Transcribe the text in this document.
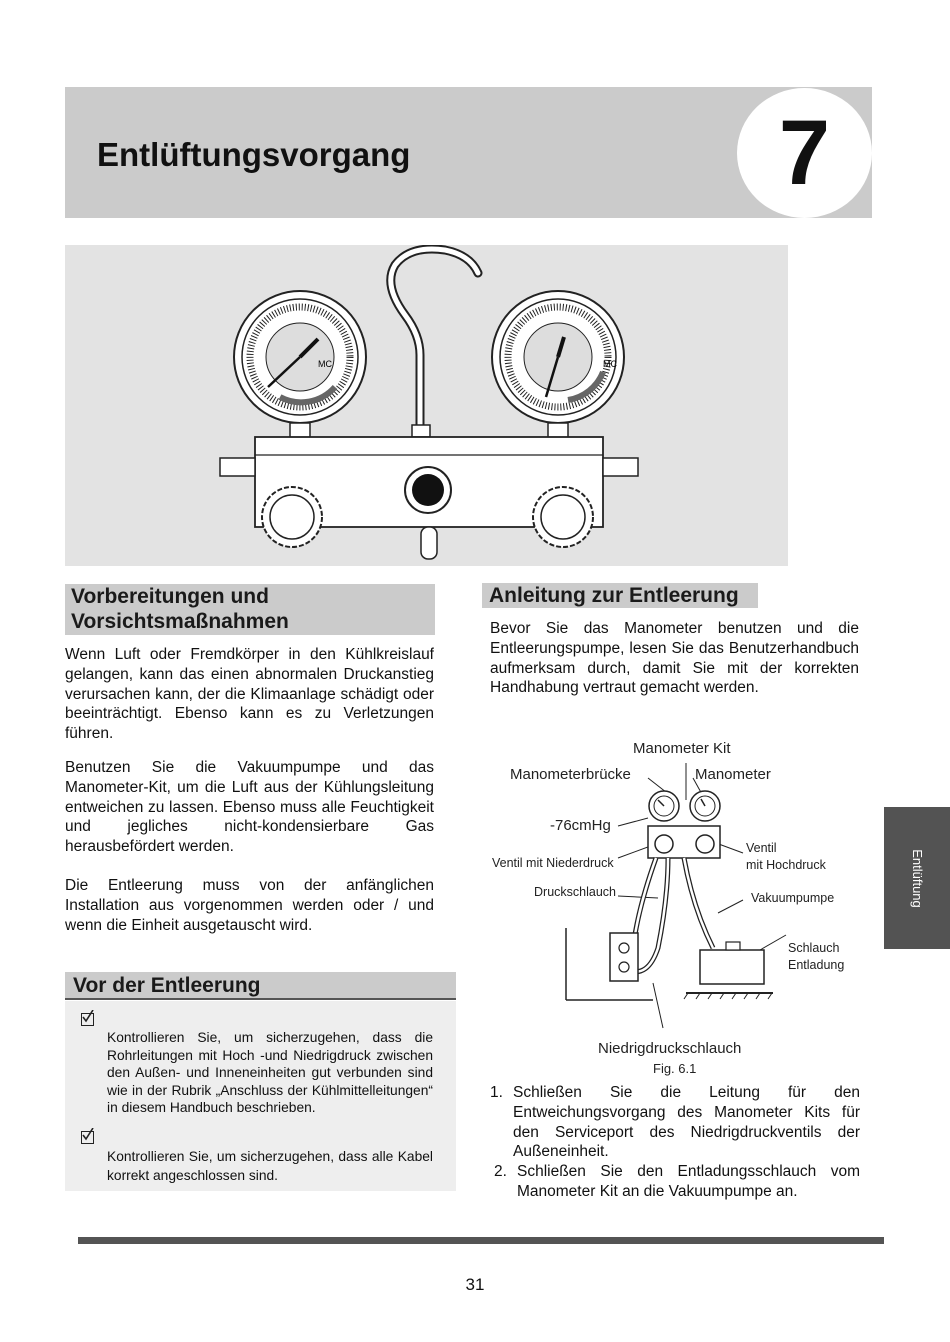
Entlüftungsvorgang	7
MC	MC
Vorbereitungen und
Vorsichtsmaßnahmen

Wenn Luft oder Fremdkörper in den Kühlkreislauf gelangen, kann das einen abnormalen Druckanstieg verursachen kann, der die Klimaanlage schädigt oder beeinträchtigt. Ebenso kann es zu Verletzungen führen.

Benutzen Sie die Vakuumpumpe und das Manometer-Kit, um die Luft aus der Kühlungsleitung entweichen zu lassen. Ebenso muss alle Feuchtigkeit und jegliches nicht-kondensierbare Gas herausbefördert werden.

Die Entleerung muss von der anfänglichen Installation aus vorgenommen werden oder / und wenn die Einheit ausgetauscht wird.

Vor der Entleerung
Kontrollieren Sie, um sicherzugehen, dass die Rohrleitungen mit Hoch -und Niedrigdruck zwischen den Außen- und Inneneinheiten gut verbunden sind wie in der Rubrik „Anschluss der Kühlmittelleitungen“ in diesem Handbuch beschrieben.
Kontrollieren Sie, um sicherzugehen, dass alle Kabel korrekt angeschlossen sind.
Anleitung zur Entleerung
Bevor Sie das Manometer benutzen und die Entleerungspumpe, lesen Sie das Benutzerhandbuch aufmerksam durch, damit Sie mit der korrekten Handhabung vertraut gemacht werden.
Manometer Kit
Manometerbrücke	Manometer
-76cmHg
Ventil mit Niederdruck
Ventil
mit Hochdruck
Druckschlauch	Vakuumpumpe
Schlauch
Entladung
Niedrigdruckschlauch
Fig. 6.1
1. Schließen Sie die Leitung für den Entweichungsvorgang des Manometer Kits für den Serviceport des Niedrigdruckventils der Außeneinheit.
2. Schließen Sie den Entladungsschlauch vom Manometer Kit an die Vakuumpumpe an.
Entlüftung
31
